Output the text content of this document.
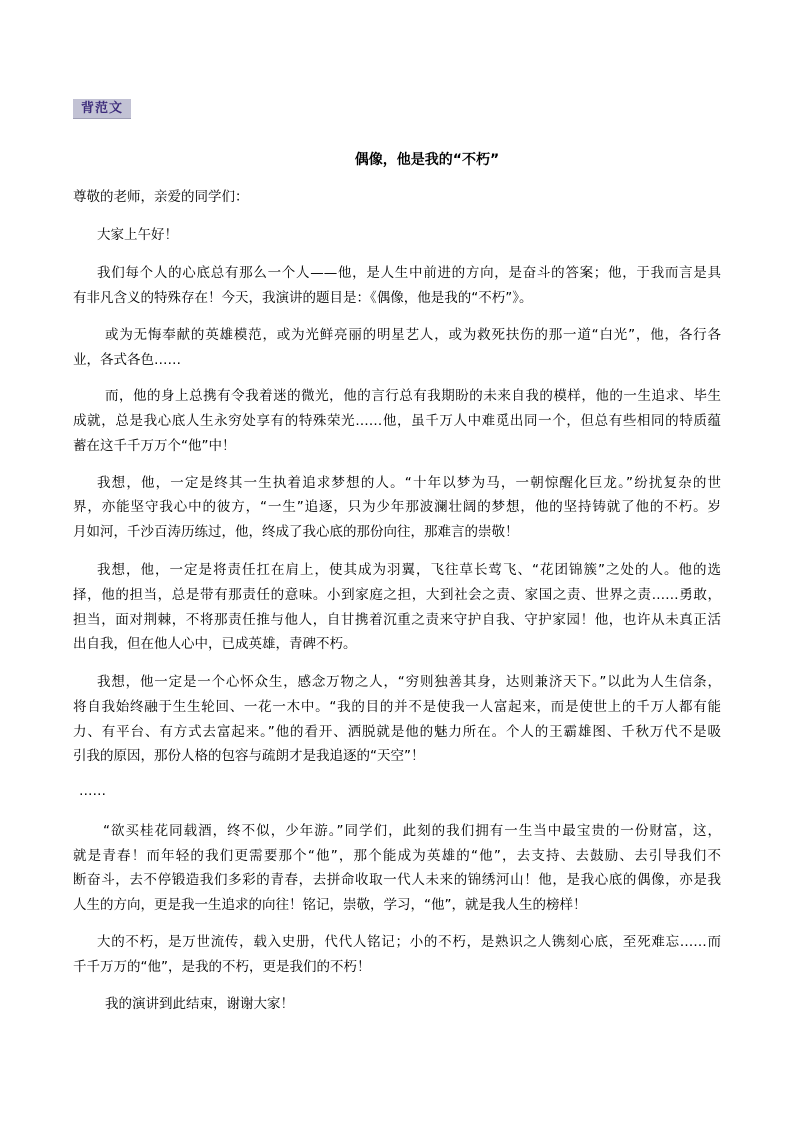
背范文
偶像，他是我的“不朽”
尊敬的老师，亲爱的同学们：
大家上午好！
我们每个人的心底总有那么一个人——他，是人生中前进的方向，是奋斗的答案；他，于我而言是具
有非凡含义的特殊存在！今天，我演讲的题目是：《偶像，他是我的“不朽”》。
或为无悔奉献的英雄模范，或为光鲜亮丽的明星艺人，或为救死扶伤的那一道“白光”，他，各行各
业，各式各色……
而，他的身上总携有令我着迷的微光，他的言行总有我期盼的未来自我的模样，他的一生追求、毕生
成就，总是我心底人生永穷处享有的特殊荣光……他，虽千万人中难觅出同一个，但总有些相同的特质蕴
蓄在这千千万万个“他”中！
我想，他，一定是终其一生执着追求梦想的人。“十年以梦为马，一朝惊醒化巨龙。”纷扰复杂的世
界，亦能坚守我心中的彼方，“一生”追逐，只为少年那波澜壮阔的梦想，他的坚持铸就了他的不朽。岁
月如河，千沙百涛历练过，他，终成了我心底的那份向往，那难言的崇敬！
我想，他，一定是将责任扛在肩上，使其成为羽翼，飞往草长莺飞、“花团锦簇”之处的人。他的选
择，他的担当，总是带有那责任的意味。小到家庭之担，大到社会之责、家国之责、世界之责……勇敢，
担当，面对荆棘，不将那责任推与他人，自甘携着沉重之责来守护自我、守护家园！他，也许从未真正活
出自我，但在他人心中，已成英雄，青碑不朽。
我想，他一定是一个心怀众生，感念万物之人，“穷则独善其身，达则兼济天下。”以此为人生信条，
将自我始终融于生生轮回、一花一木中。“我的目的并不是使我一人富起来，而是使世上的千万人都有能
力、有平台、有方式去富起来。”他的看开、洒脱就是他的魅力所在。个人的王霸雄图、千秋万代不是吸
引我的原因，那份人格的包容与疏朗才是我追逐的“天空”！
……
“欲买桂花同载酒，终不似，少年游。”同学们，此刻的我们拥有一生当中最宝贵的一份财富，这，
就是青春！而年轻的我们更需要那个“他”，那个能成为英雄的“他”，去支持、去鼓励、去引导我们不
断奋斗，去不停锻造我们多彩的青春，去拼命收取一代人未来的锦绣河山！他，是我心底的偶像，亦是我
人生的方向，更是我一生追求的向往！铭记，崇敬，学习，“他”，就是我人生的榜样！
大的不朽，是万世流传，载入史册，代代人铭记；小的不朽，是熟识之人镌刻心底，至死难忘……而
千千万万的“他”，是我的不朽，更是我们的不朽！
我的演讲到此结束，谢谢大家！
